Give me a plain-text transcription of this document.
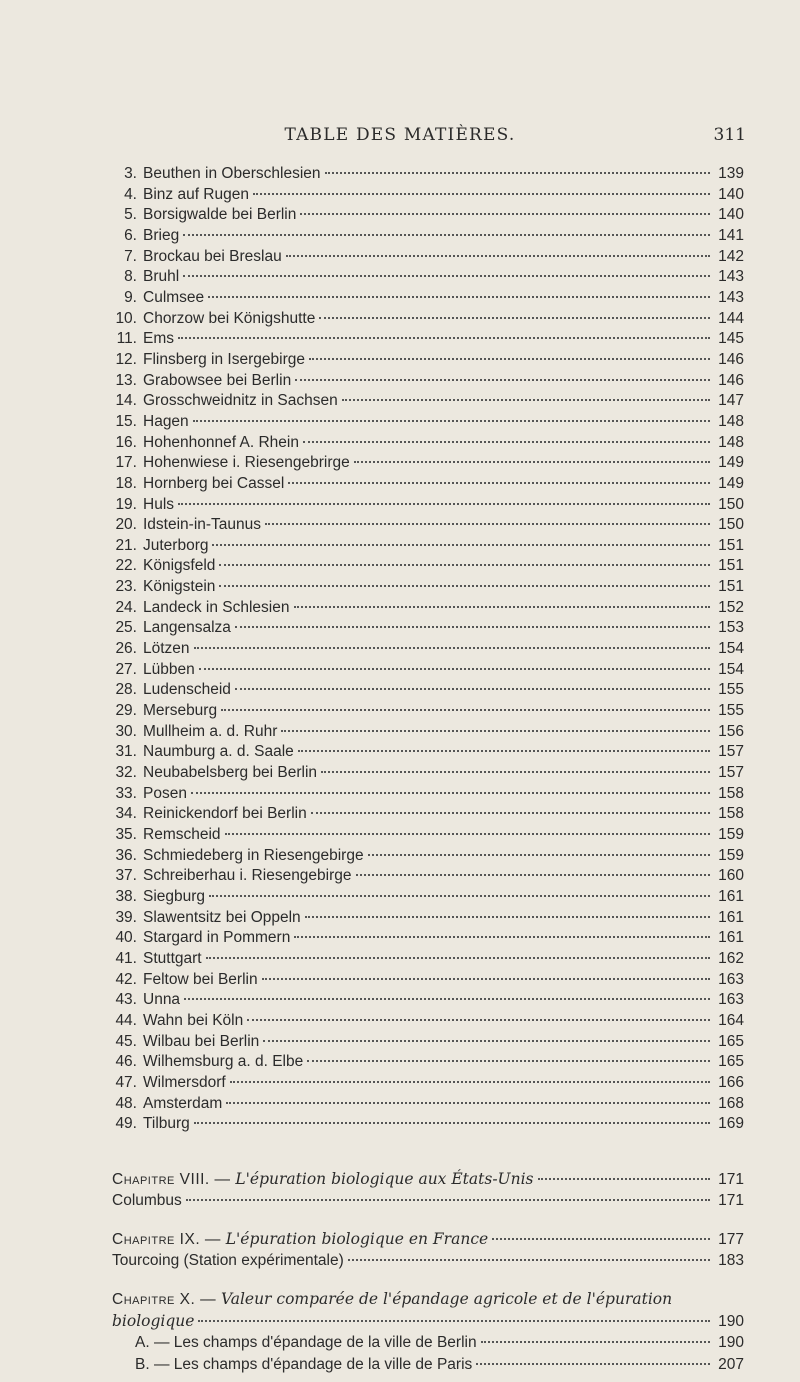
TABLE DES MATIÈRES.	311
3. Beuthen in Oberschlesien	139
4. Binz auf Rugen	140
5. Borsigwalde bei Berlin	140
6. Brieg	141
7. Brockau bei Breslau	142
8. Bruhl	143
9. Culmsee	143
10. Chorzow bei Königshutte	144
11. Ems	145
12. Flinsberg in Isergebirge	146
13. Grabowsee bei Berlin	146
14. Grosschweidnitz in Sachsen	147
15. Hagen	148
16. Hohenhonnef A. Rhein	148
17. Hohenwiese i. Riesengebrirge	149
18. Hornberg bei Cassel	149
19. Huls	150
20. Idstein-in-Taunus	150
21. Juterborg	151
22. Königsfeld	151
23. Königstein	151
24. Landeck in Schlesien	152
25. Langensalza	153
26. Lötzen	154
27. Lübben	154
28. Ludenscheid	155
29. Merseburg	155
30. Mullheim a. d. Ruhr	156
31. Naumburg a. d. Saale	157
32. Neubabelsberg bei Berlin	157
33. Posen	158
34. Reinickendorf bei Berlin	158
35. Remscheid	159
36. Schmiedeberg in Riesengebirge	159
37. Schreiberhau i. Riesengebirge	160
38. Siegburg	161
39. Slawentsitz bei Oppeln	161
40. Stargard in Pommern	161
41. Stuttgart	162
42. Feltow bei Berlin	163
43. Unna	163
44. Wahn bei Köln	164
45. Wilbau bei Berlin	165
46. Wilhemsburg a. d. Elbe	165
47. Wilmersdorf	166
48. Amsterdam	168
49. Tilburg	169
Chapitre VIII. — L'épuration biologique aux États-Unis	171
Columbus	171
Chapitre IX. — L'épuration biologique en France	177
Tourcoing (Station expérimentale)	183
Chapitre X. — Valeur comparée de l'épandage agricole et de l'épuration
biologique	190
A. — Les champs d'épandage de la ville de Berlin	190
B. — Les champs d'épandage de la ville de Paris	207
